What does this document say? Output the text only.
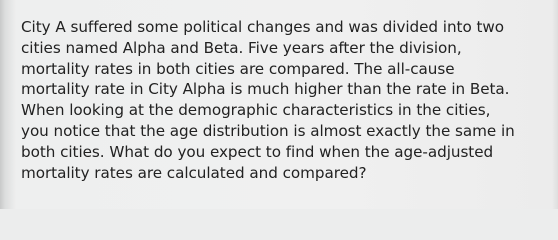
City A suffered some political changes and was divided into two
cities named Alpha and Beta. Five years after the division,
mortality rates in both cities are compared. The all-cause
mortality rate in City Alpha is much higher than the rate in Beta.
When looking at the demographic characteristics in the cities,
you notice that the age distribution is almost exactly the same in
both cities. What do you expect to find when the age-adjusted
mortality rates are calculated and compared?
